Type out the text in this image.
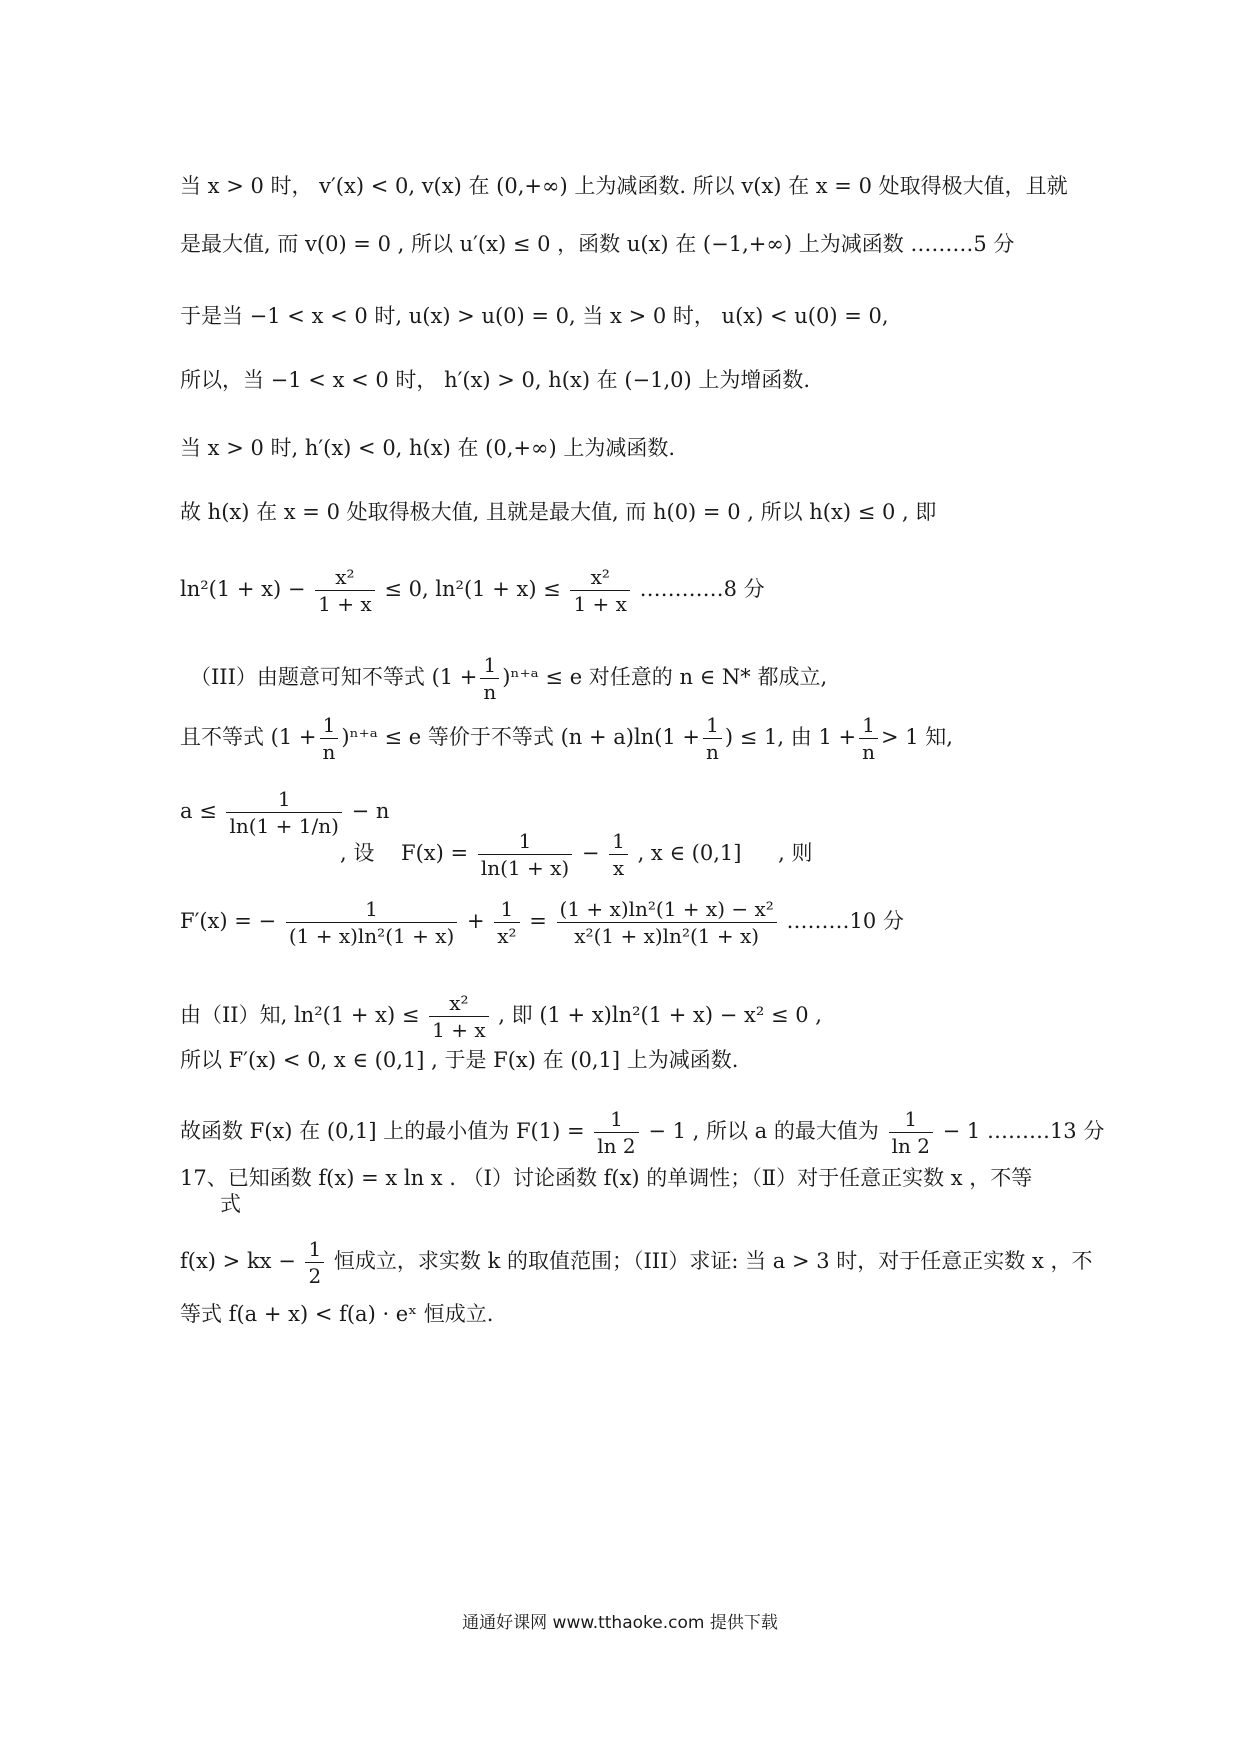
当 x > 0 时， v′(x) < 0, v(x) 在 (0,+∞) 上为减函数. 所以 v(x) 在 x = 0 处取得极大值，且就
是最大值, 而 v(0) = 0 , 所以 u′(x) ≤ 0 ，函数 u(x) 在 (−1,+∞) 上为减函数 ………5 分
于是当 −1 < x < 0 时, u(x) > u(0) = 0, 当 x > 0 时， u(x) < u(0) = 0,
所以，当 −1 < x < 0 时， h′(x) > 0, h(x) 在 (−1,0) 上为增函数.
当 x > 0 时, h′(x) < 0, h(x) 在 (0,+∞) 上为减函数.
故 h(x) 在 x = 0 处取得极大值, 且就是最大值, 而 h(0) = 0 , 所以 h(x) ≤ 0 , 即
$\ln^2(1 + x) - \frac{\text{x²}}{1 + x} \le 0$, $\ln^2(1 + x) \le \frac{\text{x²}}{1 + x}$ …………8 分
（III）由题意可知不等式 ($1 + \frac{1}{n}$ )ⁿ⁺ᵃ ≤ e 对任意的 n ∈ N* 都成立,
且不等式 ($1 + \frac{1}{n}$ )ⁿ⁺ᵃ ≤ e 等价于不等式 $(n + a)\ln(1 + \frac{1}{n}$ ) ≤ 1, 由 $1 + \frac{1}{n} > 1$ 知,
$a \le \frac{1}{\ln(1 + 1/n)} - n$
, 设 $F(x) = \frac{1}{\ln(1 + x)} - \frac{1}{x}$ , x ∈ (0,1] , 则
F′(x) = − $\frac{1}{\text{(1 + x)ln²(1 + x)}} + \frac{1}{\text{x²}} = \frac{\text{(1 + x)ln²(1 + x) − x²}}{\text{x²(1 + x)ln²(1 + x)}}$ ………10 分
由（II）知, $\ln^2(1 + x) \le \frac{\text{x²}}{1 + x}$ , 即 (1 + x)ln²(1 + x) − x² ≤ 0 ,
所以 F′(x) < 0, x ∈ (0,1] , 于是 F(x) 在 (0,1] 上为减函数.
故函数 F(x) 在 (0,1] 上的最小值为 $F(1) = \frac{1}{\ln 2} - 1$ , 所以 a 的最大值为 $\frac{1}{\ln 2} - 1$ ………13 分
17、已知函数 f(x) = x ln x . （Ⅰ）讨论函数 f(x) 的单调性；（Ⅱ）对于任意正实数 x ，不等
式
f(x) > kx − $\frac{1}{2}$ 恒成立，求实数 k 的取值范围；（III）求证: 当 a > 3 时，对于任意正实数 x ，不
等式 f(a + x) < f(a) · eˣ 恒成立.
通通好课网 www.tthaoke.com 提供下载
